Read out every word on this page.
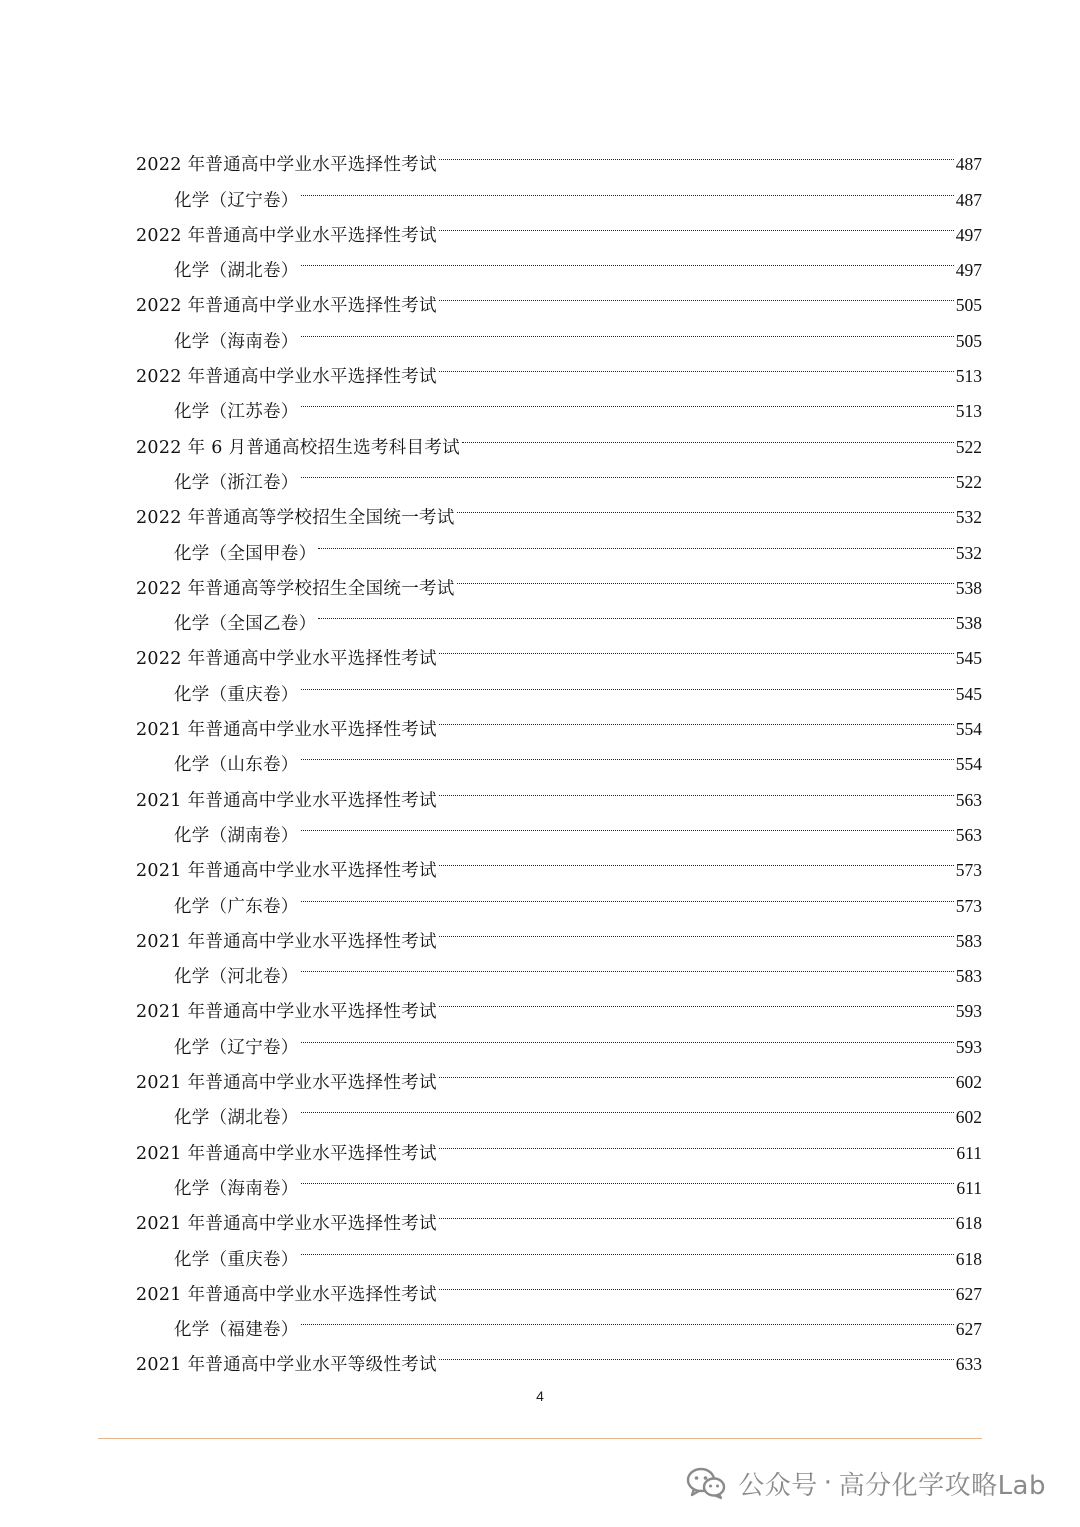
2022 年普通高中学业水平选择性考试	487
化学（辽宁卷）	487
2022 年普通高中学业水平选择性考试	497
化学（湖北卷）	497
2022 年普通高中学业水平选择性考试	505
化学（海南卷）	505
2022 年普通高中学业水平选择性考试	513
化学（江苏卷）	513
2022 年 6 月普通高校招生选考科目考试	522
化学（浙江卷）	522
2022 年普通高等学校招生全国统一考试	532
化学（全国甲卷）	532
2022 年普通高等学校招生全国统一考试	538
化学（全国乙卷）	538
2022 年普通高中学业水平选择性考试	545
化学（重庆卷）	545
2021 年普通高中学业水平选择性考试	554
化学（山东卷）	554
2021 年普通高中学业水平选择性考试	563
化学（湖南卷）	563
2021 年普通高中学业水平选择性考试	573
化学（广东卷）	573
2021 年普通高中学业水平选择性考试	583
化学（河北卷）	583
2021 年普通高中学业水平选择性考试	593
化学（辽宁卷）	593
2021 年普通高中学业水平选择性考试	602
化学（湖北卷）	602
2021 年普通高中学业水平选择性考试	611
化学（海南卷）	611
2021 年普通高中学业水平选择性考试	618
化学（重庆卷）	618
2021 年普通高中学业水平选择性考试	627
化学（福建卷）	627
2021 年普通高中学业水平等级性考试	633
4
公众号 · 高分化学攻略Lab
